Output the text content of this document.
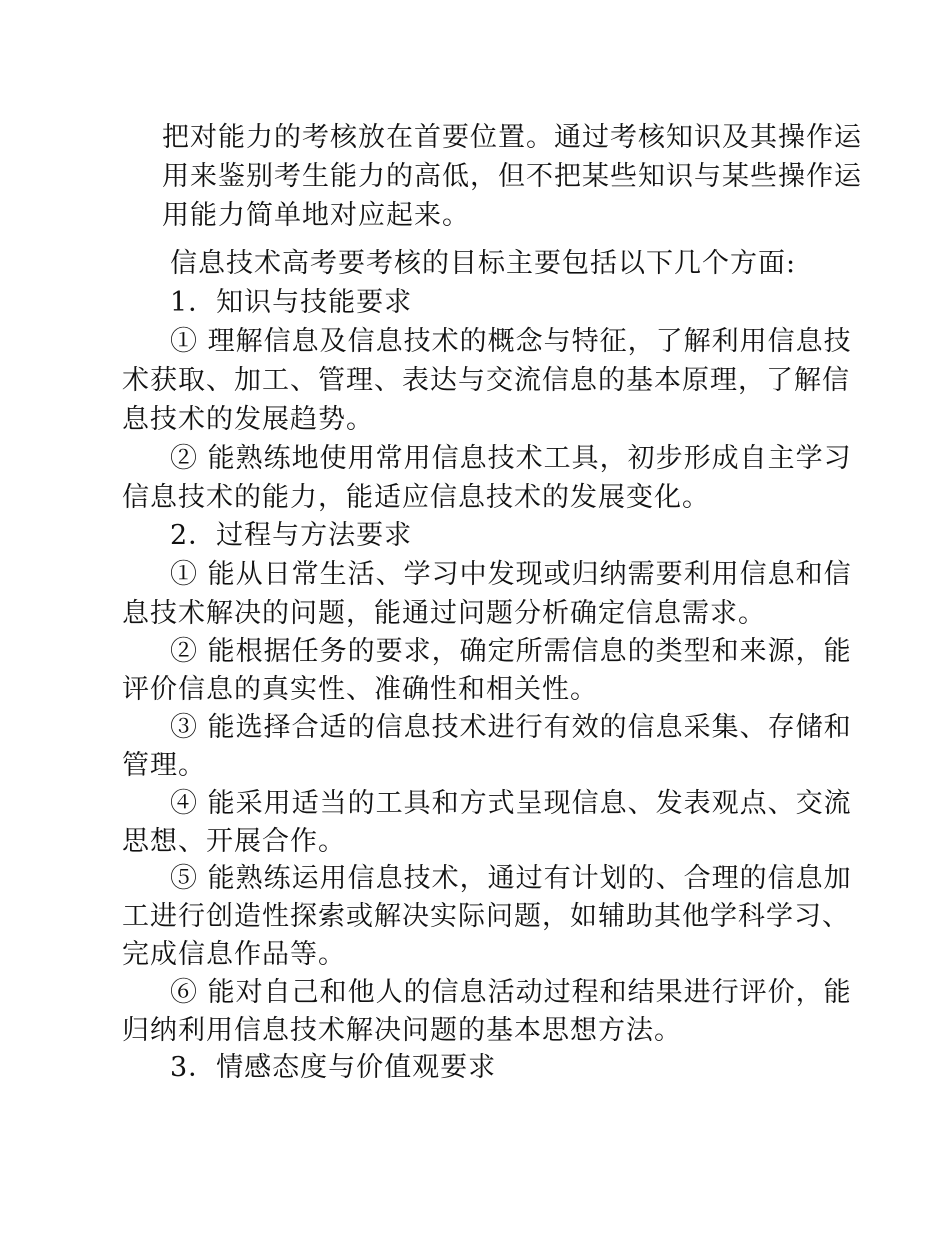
把对能力的考核放在首要位置。通过考核知识及其操作运
用来鉴别考生能力的高低，但不把某些知识与某些操作运
用能力简单地对应起来。
信息技术高考要考核的目标主要包括以下几个方面:
1．知识与技能要求
① 理解信息及信息技术的概念与特征，了解利用信息技
术获取、加工、管理、表达与交流信息的基本原理，了解信
息技术的发展趋势。
② 能熟练地使用常用信息技术工具，初步形成自主学习
信息技术的能力，能适应信息技术的发展变化。
2．过程与方法要求
① 能从日常生活、学习中发现或归纳需要利用信息和信
息技术解决的问题，能通过问题分析确定信息需求。
② 能根据任务的要求，确定所需信息的类型和来源，能
评价信息的真实性、准确性和相关性。
③ 能选择合适的信息技术进行有效的信息采集、存储和
管理。
④ 能采用适当的工具和方式呈现信息、发表观点、交流
思想、开展合作。
⑤ 能熟练运用信息技术，通过有计划的、合理的信息加
工进行创造性探索或解决实际问题，如辅助其他学科学习、
完成信息作品等。
⑥ 能对自己和他人的信息活动过程和结果进行评价，能
归纳利用信息技术解决问题的基本思想方法。
3．情感态度与价值观要求
